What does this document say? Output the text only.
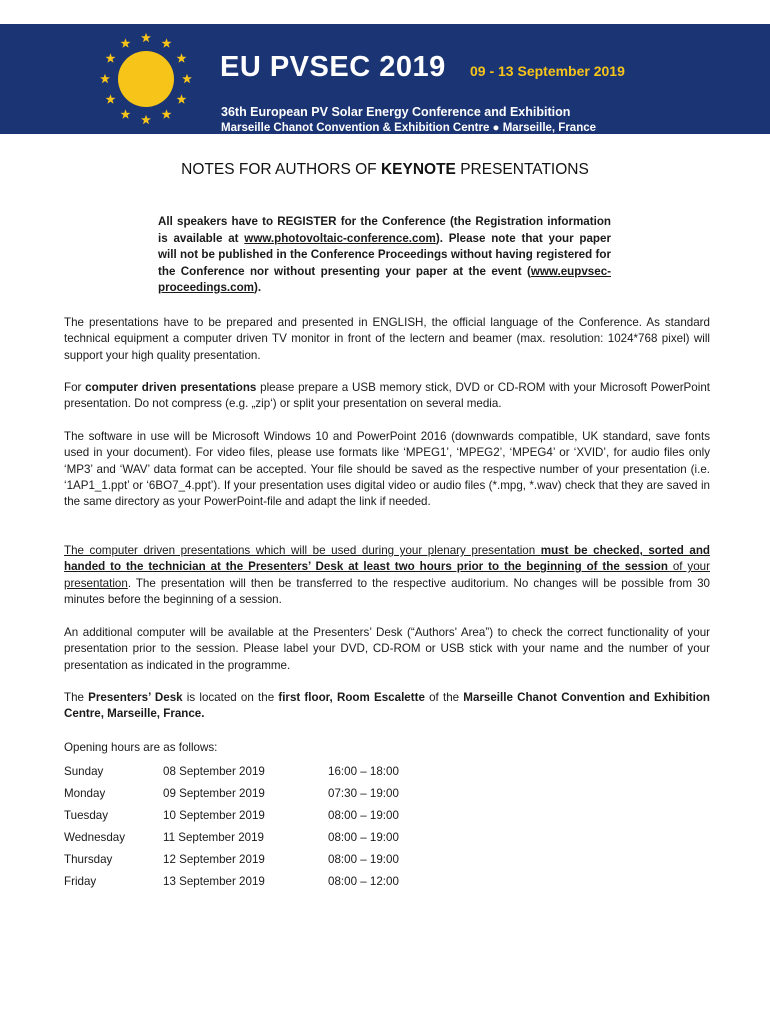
EU PVSEC 2019 09 - 13 September 2019
36th European PV Solar Energy Conference and Exhibition
Marseille Chanot Convention & Exhibition Centre ● Marseille, France
NOTES FOR AUTHORS OF KEYNOTE PRESENTATIONS
All speakers have to REGISTER for the Conference (the Registration information is available at www.photovoltaic-conference.com). Please note that your paper will not be published in the Conference Proceedings without having registered for the Conference nor without presenting your paper at the event (www.eupvsec-proceedings.com).
The presentations have to be prepared and presented in ENGLISH, the official language of the Conference. As standard technical equipment a computer driven TV monitor in front of the lectern and beamer (max. resolution: 1024*768 pixel) will support your high quality presentation.
For computer driven presentations please prepare a USB memory stick, DVD or CD-ROM with your Microsoft PowerPoint presentation. Do not compress (e.g. „zip‘) or split your presentation on several media.
The software in use will be Microsoft Windows 10 and PowerPoint 2016 (downwards compatible, UK standard, save fonts used in your document). For video files, please use formats like ‘MPEG1’, ‘MPEG2’, ‘MPEG4’ or ‘XVID’, for audio files only ‘MP3’ and ‘WAV’ data format can be accepted. Your file should be saved as the respective number of your presentation (i.e. ‘1AP1_1.ppt’ or ‘6BO7_4.ppt’). If your presentation uses digital video or audio files (*.mpg, *.wav) check that they are saved in the same directory as your PowerPoint-file and adapt the link if needed.
The computer driven presentations which will be used during your plenary presentation must be checked, sorted and handed to the technician at the Presenters’ Desk at least two hours prior to the beginning of the session of your presentation. The presentation will then be transferred to the respective auditorium. No changes will be possible from 30 minutes before the beginning of a session.
An additional computer will be available at the Presenters’ Desk (“Authors' Area”) to check the correct functionality of your presentation prior to the session. Please label your DVD, CD-ROM or USB stick with your name and the number of your presentation as indicated in the programme.
The Presenters’ Desk is located on the first floor, Room Escalette of the Marseille Chanot Convention and Exhibition Centre, Marseille, France.
Opening hours are as follows:
Sunday	08 September 2019	16:00 – 18:00
Monday	09 September 2019	07:30 – 19:00
Tuesday	10 September 2019	08:00 – 19:00
Wednesday	11 September 2019	08:00 – 19:00
Thursday	12 September 2019	08:00 – 19:00
Friday	13 September 2019	08:00 – 12:00
